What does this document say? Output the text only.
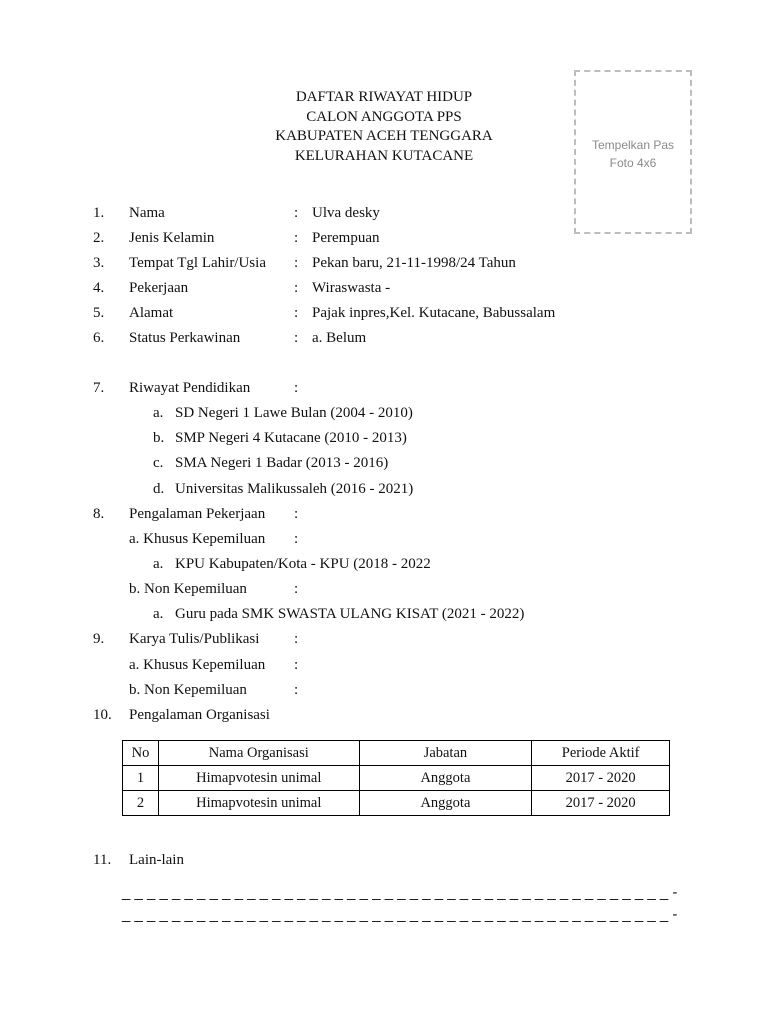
DAFTAR RIWAYAT HIDUP
CALON ANGGOTA PPS
KABUPATEN ACEH TENGGARA
KELURAHAN KUTACANE
Tempelkan Pas
Foto 4x6
1. Nama	: Ulva desky
2. Jenis Kelamin	: Perempuan
3. Tempat Tgl Lahir/Usia : Pekan baru, 21-11-1998/24 Tahun
4. Pekerjaan	: Wiraswasta -
5. Alamat	: Pajak inpres,Kel. Kutacane, Babussalam
6. Status Perkawinan	: a. Belum
7. Riwayat Pendidikan	:
a. SD Negeri 1 Lawe Bulan (2004 - 2010)
b. SMP Negeri 4 Kutacane (2010 - 2013)
c. SMA Negeri 1 Badar (2013 - 2016)
d. Universitas Malikussaleh (2016 - 2021)
8. Pengalaman Pekerjaan :
a. Khusus Kepemiluan :
a. KPU Kabupaten/Kota - KPU (2018 - 2022
b. Non Kepemiluan	:
a. Guru pada SMK SWASTA ULANG KISAT (2021 - 2022)
9. Karya Tulis/Publikasi :
a. Khusus Kepemiluan :
b. Non Kepemiluan	:
10. Pengalaman Organisasi
No	Nama Organisasi	Jabatan	Periode Aktif
1	Himapvotesin unimal	Anggota	2017 - 2020
2	Himapvotesin unimal	Anggota	2017 - 2020
11. Lain-lain
_ _ _ _ _ _ _ _ _ _ _ _ _ _ _ _ _ _ _ _ _ _ _ _ _ _ _ _ _ _ _ _ _ _ _ _ _ _ _ _ _ _ _ _ -
_ _ _ _ _ _ _ _ _ _ _ _ _ _ _ _ _ _ _ _ _ _ _ _ _ _ _ _ _ _ _ _ _ _ _ _ _ _ _ _ _ _ _ _ -
